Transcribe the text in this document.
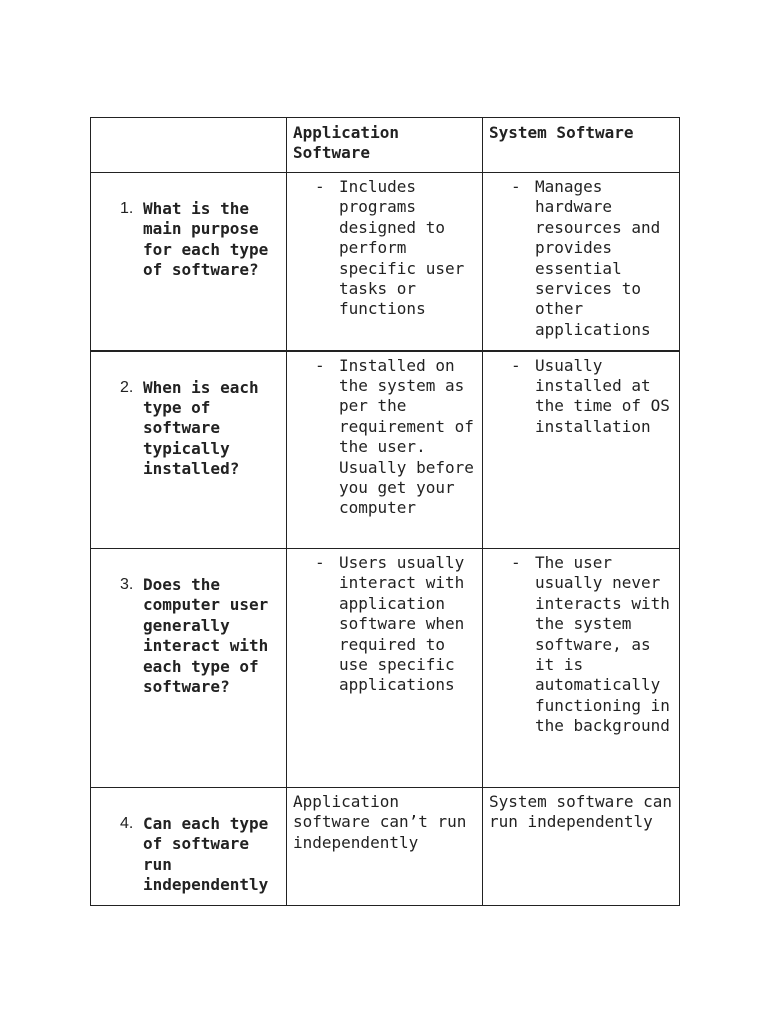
	Application Software	System Software

1. What is the main purpose for each type of software?	- Includes programs designed to perform specific user tasks or functions	- Manages hardware resources and provides essential services to other applications

2. When is each type of software typically installed?	- Installed on the system as per the requirement of the user. Usually before you get your computer	- Usually installed at the time of OS installation

3. Does the computer user generally interact with each type of software?	- Users usually interact with application software when required to use specific applications	- The user usually never interacts with the system software, as it is automatically functioning in the background

4. Can each type of software run independently	Application software can’t run independently	System software can run independently
